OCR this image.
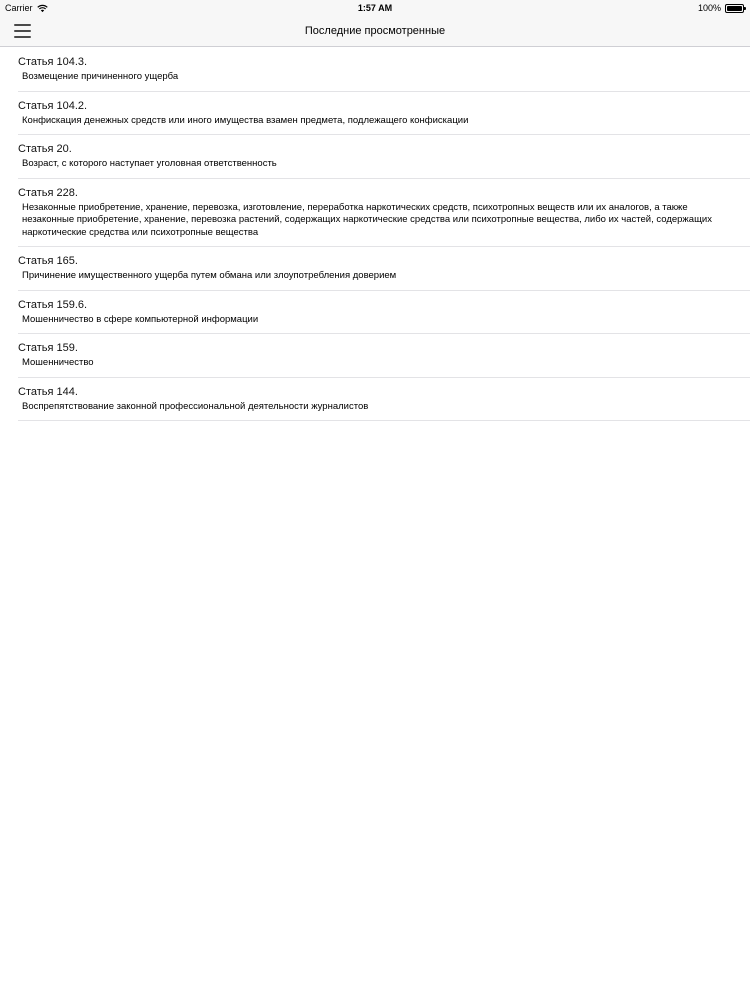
Carrier	1:57 AM	100%
Последние просмотренные
Статья 104.3.
Возмещение причиненного ущерба
Статья 104.2.
Конфискация денежных средств или иного имущества взамен предмета, подлежащего конфискации
Статья 20.
Возраст, с которого наступает уголовная ответственность
Статья 228.
Незаконные приобретение, хранение, перевозка, изготовление, переработка наркотических средств, психотропных веществ или их аналогов, а также незаконные приобретение, хранение, перевозка растений, содержащих наркотические средства или психотропные вещества, либо их частей, содержащих наркотические средства или психотропные вещества
Статья 165.
Причинение имущественного ущерба путем обмана или злоупотребления доверием
Статья 159.6.
Мошенничество в сфере компьютерной информации
Статья 159.
Мошенничество
Статья 144.
Воспрепятствование законной профессиональной деятельности журналистов
